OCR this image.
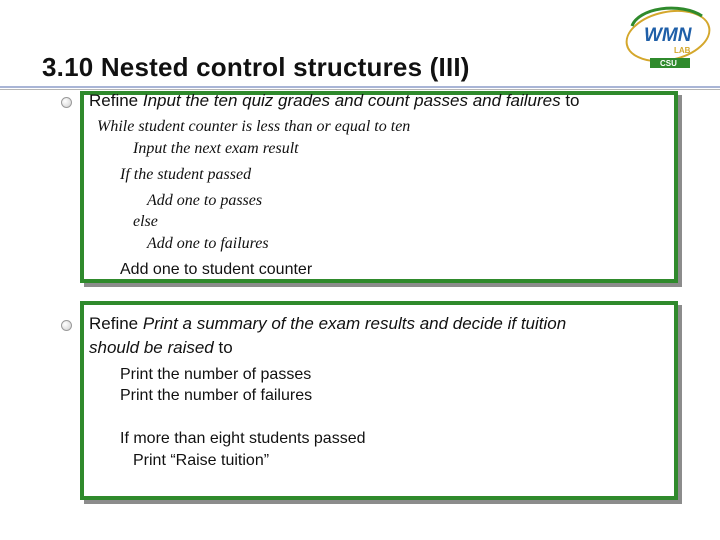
3.10 Nested control structures (III)
WMN
LAB
CSU
Refine Input the ten quiz grades and count passes and failures to
While student counter is less than or equal to ten
Input the next exam result
If the student passed
Add one to passes
else
Add one to failures
Add one to student counter
Refine Print a summary of the exam results and decide if tuition
should be raised to
Print the number of passes
Print the number of failures
If more than eight students passed
Print “Raise tuition”
